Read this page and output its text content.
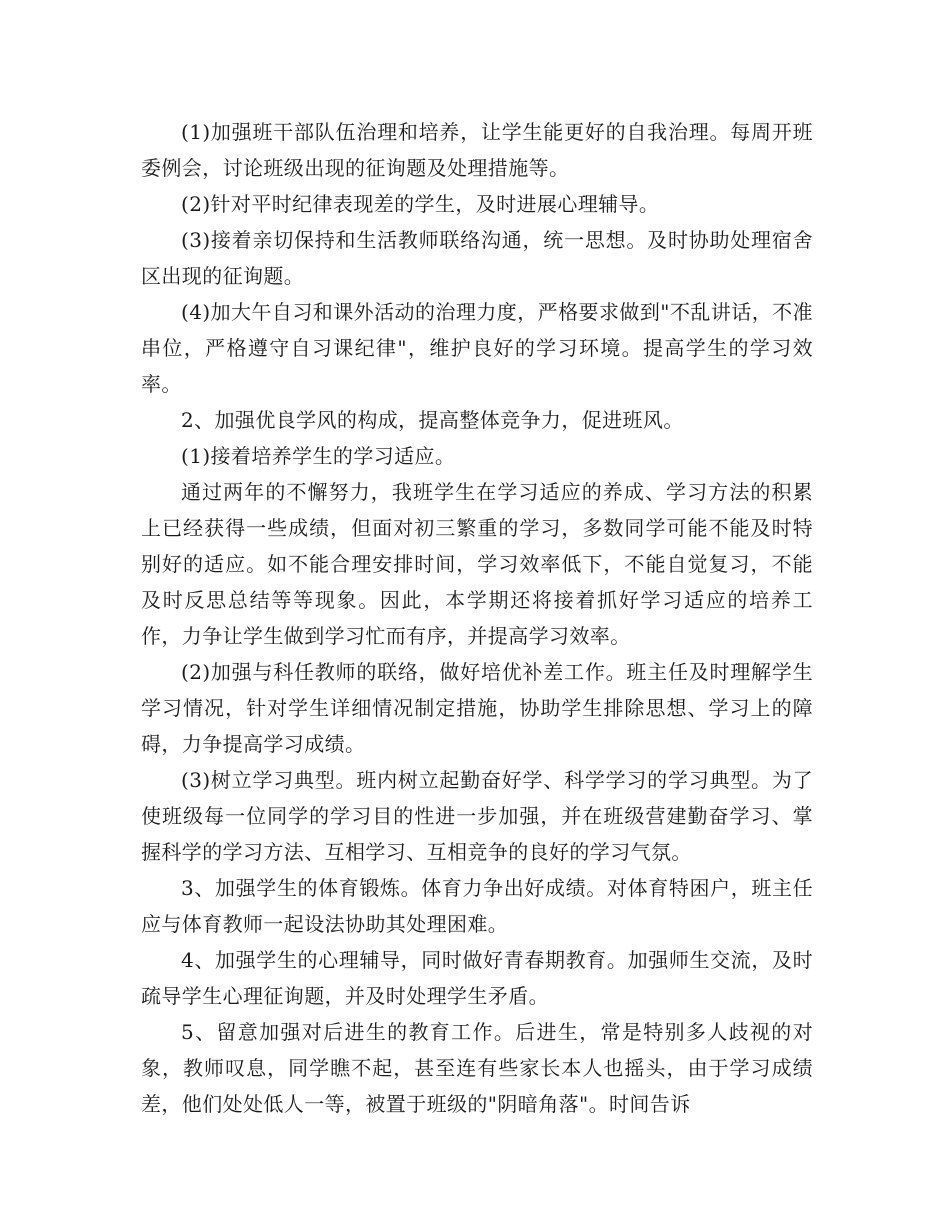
(1)加强班干部队伍治理和培养，让学生能更好的自我治理。每周开班委例会，讨论班级出现的征询题及处理措施等。

(2)针对平时纪律表现差的学生，及时进展心理辅导。

(3)接着亲切保持和生活教师联络沟通，统一思想。及时协助处理宿舍区出现的征询题。

(4)加大午自习和课外活动的治理力度，严格要求做到"不乱讲话，不准串位，严格遵守自习课纪律"，维护良好的学习环境。提高学生的学习效率。

2、加强优良学风的构成，提高整体竞争力，促进班风。

(1)接着培养学生的学习适应。

通过两年的不懈努力，我班学生在学习适应的养成、学习方法的积累上已经获得一些成绩，但面对初三繁重的学习，多数同学可能不能及时特别好的适应。如不能合理安排时间，学习效率低下，不能自觉复习，不能及时反思总结等等现象。因此，本学期还将接着抓好学习适应的培养工作，力争让学生做到学习忙而有序，并提高学习效率。

(2)加强与科任教师的联络，做好培优补差工作。班主任及时理解学生学习情况，针对学生详细情况制定措施，协助学生排除思想、学习上的障碍，力争提高学习成绩。

(3)树立学习典型。班内树立起勤奋好学、科学学习的学习典型。为了使班级每一位同学的学习目的性进一步加强，并在班级营建勤奋学习、掌握科学的学习方法、互相学习、互相竞争的良好的学习气氛。

3、加强学生的体育锻炼。体育力争出好成绩。对体育特困户，班主任应与体育教师一起设法协助其处理困难。

4、加强学生的心理辅导，同时做好青春期教育。加强师生交流，及时疏导学生心理征询题，并及时处理学生矛盾。

5、留意加强对后进生的教育工作。后进生，常是特别多人歧视的对象，教师叹息，同学瞧不起，甚至连有些家长本人也摇头，由于学习成绩差，他们处处低人一等，被置于班级的"阴暗角落"。时间告诉
